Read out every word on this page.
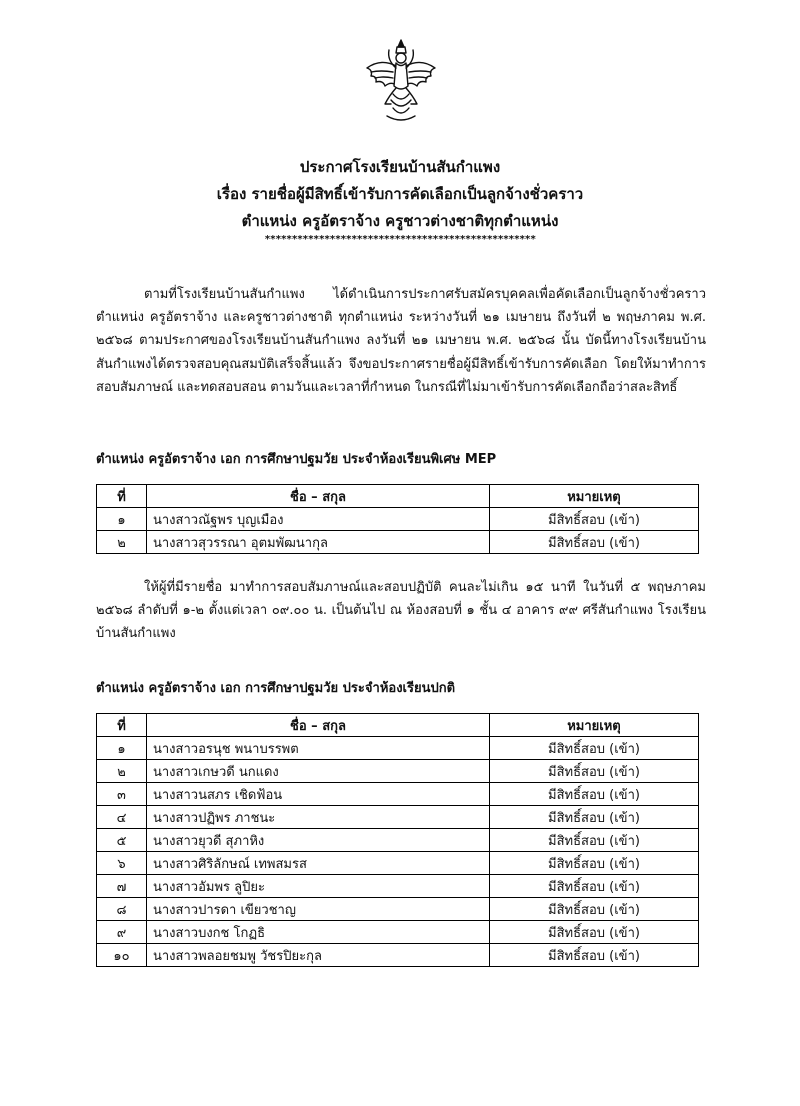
ประกาศโรงเรียนบ้านสันกำแพง
เรื่อง รายชื่อผู้มีสิทธิ์เข้ารับการคัดเลือกเป็นลูกจ้างชั่วคราว
ตำแหน่ง ครูอัตราจ้าง ครูชาวต่างชาติทุกตำแหน่ง
**************************************************

ตามที่โรงเรียนบ้านสันกำแพง ได้ดำเนินการประกาศรับสมัครบุคคลเพื่อคัดเลือกเป็นลูกจ้างชั่วคราว ตำแหน่ง ครูอัตราจ้าง และครูชาวต่างชาติ ทุกตำแหน่ง ระหว่างวันที่ ๒๑ เมษายน ถึงวันที่ ๒ พฤษภาคม พ.ศ. ๒๕๖๘ ตามประกาศของโรงเรียนบ้านสันกำแพง ลงวันที่ ๒๑ เมษายน พ.ศ. ๒๕๖๘ นั้น บัดนี้ทางโรงเรียนบ้านสันกำแพงได้ตรวจสอบคุณสมบัติเสร็จสิ้นแล้ว จึงขอประกาศรายชื่อผู้มีสิทธิ์เข้ารับการคัดเลือก โดยให้มาทำการสอบสัมภาษณ์ และทดสอบสอน ตามวันและเวลาที่กำหนด ในกรณีที่ไม่มาเข้ารับการคัดเลือกถือว่าสละสิทธิ์

ตำแหน่ง ครูอัตราจ้าง เอก การศึกษาปฐมวัย ประจำห้องเรียนพิเศษ MEP
ที่	ชื่อ – สกุล	หมายเหตุ
๑	นางสาวณัฐพร บุญเมือง	มีสิทธิ์สอบ (เข้า)
๒	นางสาวสุวรรณา อุตมพัฒนากุล	มีสิทธิ์สอบ (เข้า)

ให้ผู้ที่มีรายชื่อ มาทำการสอบสัมภาษณ์และสอบปฏิบัติ คนละไม่เกิน ๑๕ นาที ในวันที่ ๕ พฤษภาคม ๒๕๖๘ ลำดับที่ ๑-๒ ตั้งแต่เวลา ๐๙.๐๐ น. เป็นต้นไป ณ ห้องสอบที่ ๑ ชั้น ๔ อาคาร ๙๙ ศรีสันกำแพง โรงเรียนบ้านสันกำแพง

ตำแหน่ง ครูอัตราจ้าง เอก การศึกษาปฐมวัย ประจำห้องเรียนปกติ
ที่	ชื่อ – สกุล	หมายเหตุ
๑	นางสาวอรนุช พนาบรรพต	มีสิทธิ์สอบ (เข้า)
๒	นางสาวเกษวดี นกแดง	มีสิทธิ์สอบ (เข้า)
๓	นางสาวนสภร เชิดฟ้อน	มีสิทธิ์สอบ (เข้า)
๔	นางสาวปฏิพร ภาชนะ	มีสิทธิ์สอบ (เข้า)
๕	นางสาวยุวดี สุภาหิง	มีสิทธิ์สอบ (เข้า)
๖	นางสาวศิริลักษณ์ เทพสมรส	มีสิทธิ์สอบ (เข้า)
๗	นางสาวอัมพร ลูปิยะ	มีสิทธิ์สอบ (เข้า)
๘	นางสาวปารดา เขียวชาญ	มีสิทธิ์สอบ (เข้า)
๙	นางสาวบงกช โกฏธิ	มีสิทธิ์สอบ (เข้า)
๑๐	นางสาวพลอยชมพู วัชรปิยะกุล	มีสิทธิ์สอบ (เข้า)
